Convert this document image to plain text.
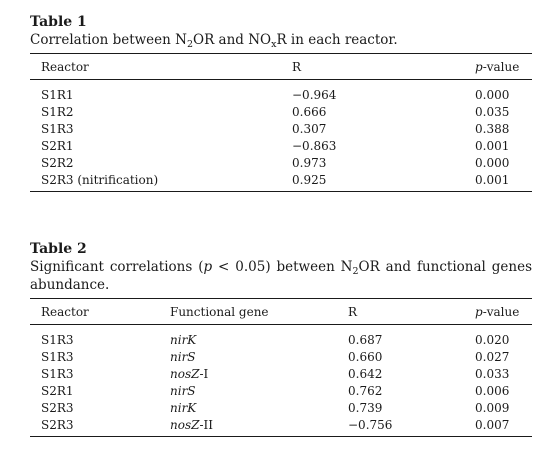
Table 1
Correlation between $N_2OR$ and $NO_xR$ in each reactor.
Reactor	R	p-value
S1R1	−0.964	0.000
S1R2	0.666	0.035
S1R3	0.307	0.388
S2R1	−0.863	0.001
S2R2	0.973	0.000
S2R3 (nitrification)	0.925	0.001
Table 2
Significant correlations (p < 0.05) between $N_2OR$ and functional genes abundance.
Reactor	Functional gene	R	p-value
S1R3	nirK	0.687	0.020
S1R3	nirS	0.660	0.027
S1R3	nosZ-I	0.642	0.033
S2R1	nirS	0.762	0.006
S2R3	nirK	0.739	0.009
S2R3	nosZ-II	−0.756	0.007
